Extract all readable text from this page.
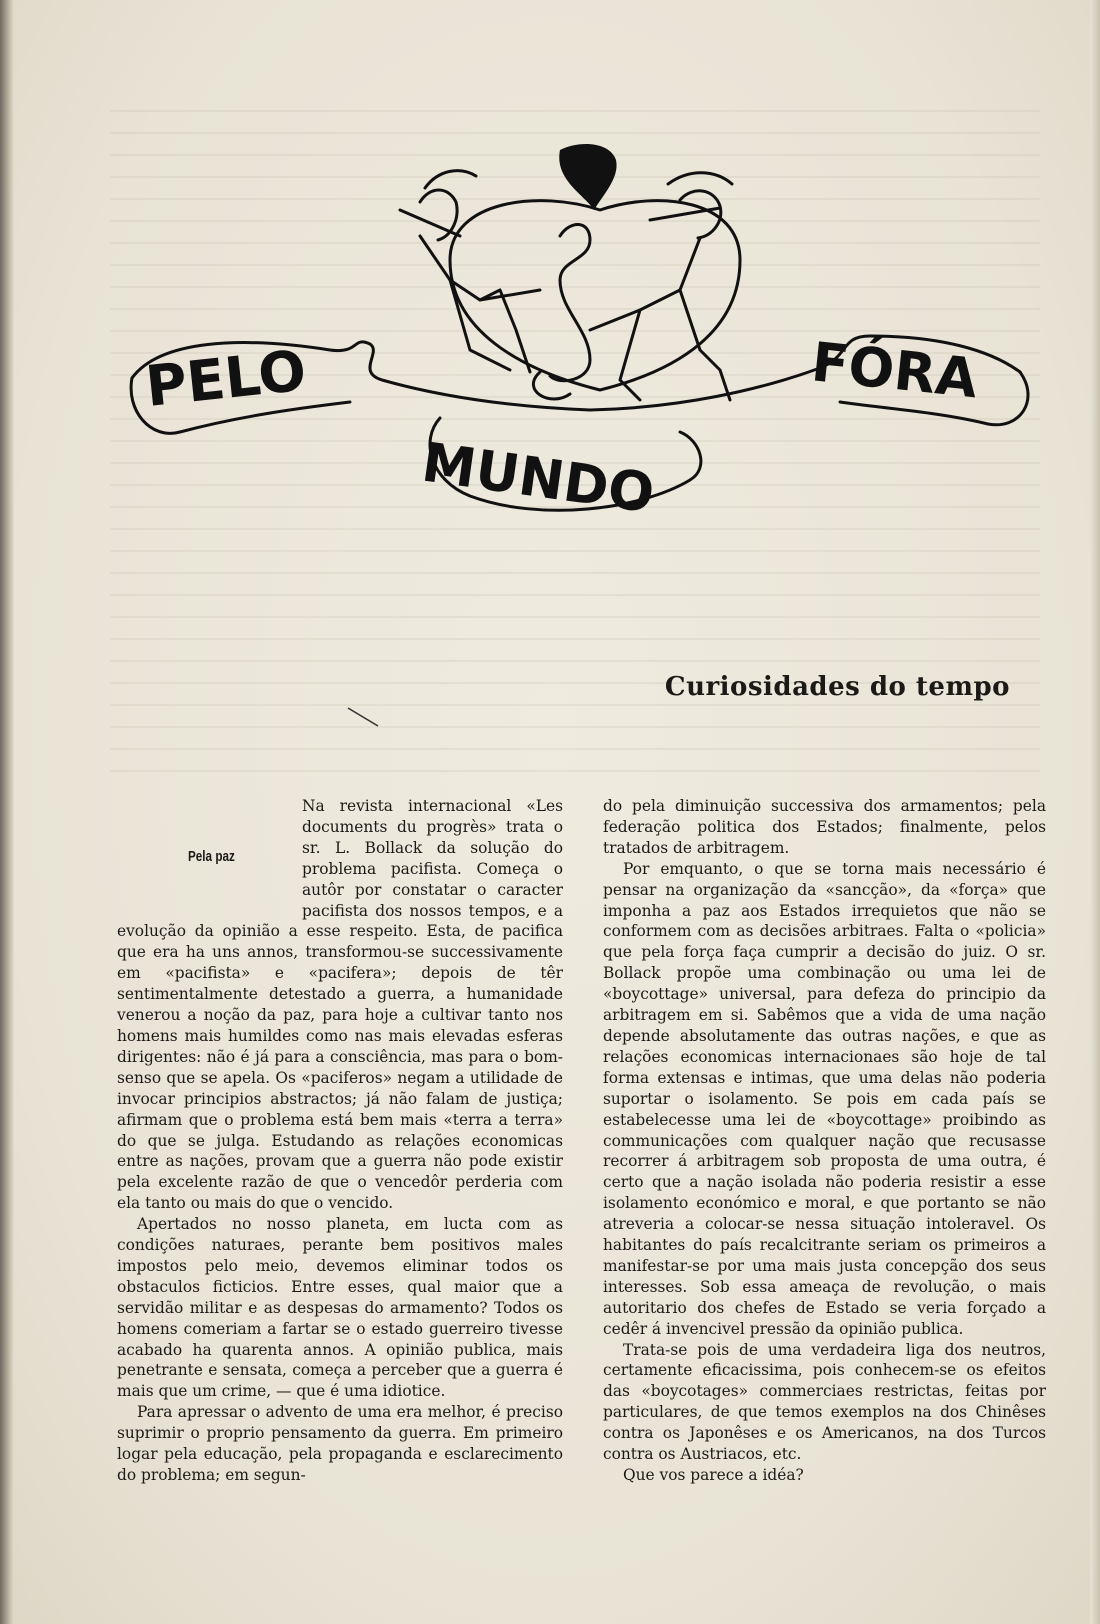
PELO
MUNDO
FÓRA
Curiosidades do tempo
Pela paz

Na revista internacional «Les documents du progrès» trata o sr. L. Bollack da solução do problema pacifista. Começa o autôr por constatar o caracter pacifista dos nossos tempos, e a evolução da opinião a esse respeito. Esta, de pacifica que era ha uns annos, transformou-se successivamente em «pacifista» e «pacifera»; depois de têr sentimentalmente detestado a guerra, a humanidade venerou a noção da paz, para hoje a cultivar tanto nos homens mais humildes como nas mais elevadas esferas dirigentes: não é já para a consciência, mas para o bom-senso que se apela. Os «paciferos» negam a utilidade de invocar principios abstractos; já não falam de justiça; afirmam que o problema está bem mais «terra a terra» do que se julga. Estudando as relações economicas entre as nações, provam que a guerra não pode existir pela excelente razão de que o vencedôr perderia com ela tanto ou mais do que o vencido.

Apertados no nosso planeta, em lucta com as condições naturaes, perante bem positivos males impostos pelo meio, devemos eliminar todos os obstaculos ficticios. Entre esses, qual maior que a servidão militar e as despesas do armamento? Todos os homens comeriam a fartar se o estado guerreiro tivesse acabado ha quarenta annos. A opinião publica, mais penetrante e sensata, começa a perceber que a guerra é mais que um crime, — que é uma idiotice.

Para apressar o advento de uma era melhor, é preciso suprimir o proprio pensamento da guerra. Em primeiro logar pela educação, pela propaganda e esclarecimento do problema; em segun-

do pela diminuição successiva dos armamentos; pela federação politica dos Estados; finalmente, pelos tratados de arbitragem.

Por emquanto, o que se torna mais necessário é pensar na organização da «sancção», da «força» que imponha a paz aos Estados irrequietos que não se conformem com as decisões arbitraes. Falta o «policia» que pela força faça cumprir a decisão do juiz. O sr. Bollack propõe uma combinação ou uma lei de «boycottage» universal, para defeza do principio da arbitragem em si. Sabêmos que a vida de uma nação depende absolutamente das outras nações, e que as relações economicas internacionaes são hoje de tal forma extensas e intimas, que uma delas não poderia suportar o isolamento. Se pois em cada país se estabelecesse uma lei de «boycottage» proibindo as communicações com qualquer nação que recusasse recorrer á arbitragem sob proposta de uma outra, é certo que a nação isolada não poderia resistir a esse isolamento económico e moral, e que portanto se não atreveria a colocar-se nessa situação intoleravel. Os habitantes do país recalcitrante seriam os primeiros a manifestar-se por uma mais justa concepção dos seus interesses. Sob essa ameaça de revolução, o mais autoritario dos chefes de Estado se veria forçado a cedêr á invencivel pressão da opinião publica.

Trata-se pois de uma verdadeira liga dos neutros, certamente eficacissima, pois conhecem-se os efeitos das «boycotages» commerciaes restrictas, feitas por particulares, de que temos exemplos na dos Chinêses contra os Japonêses e os Americanos, na dos Turcos contra os Austriacos, etc.

Que vos parece a idéa?
